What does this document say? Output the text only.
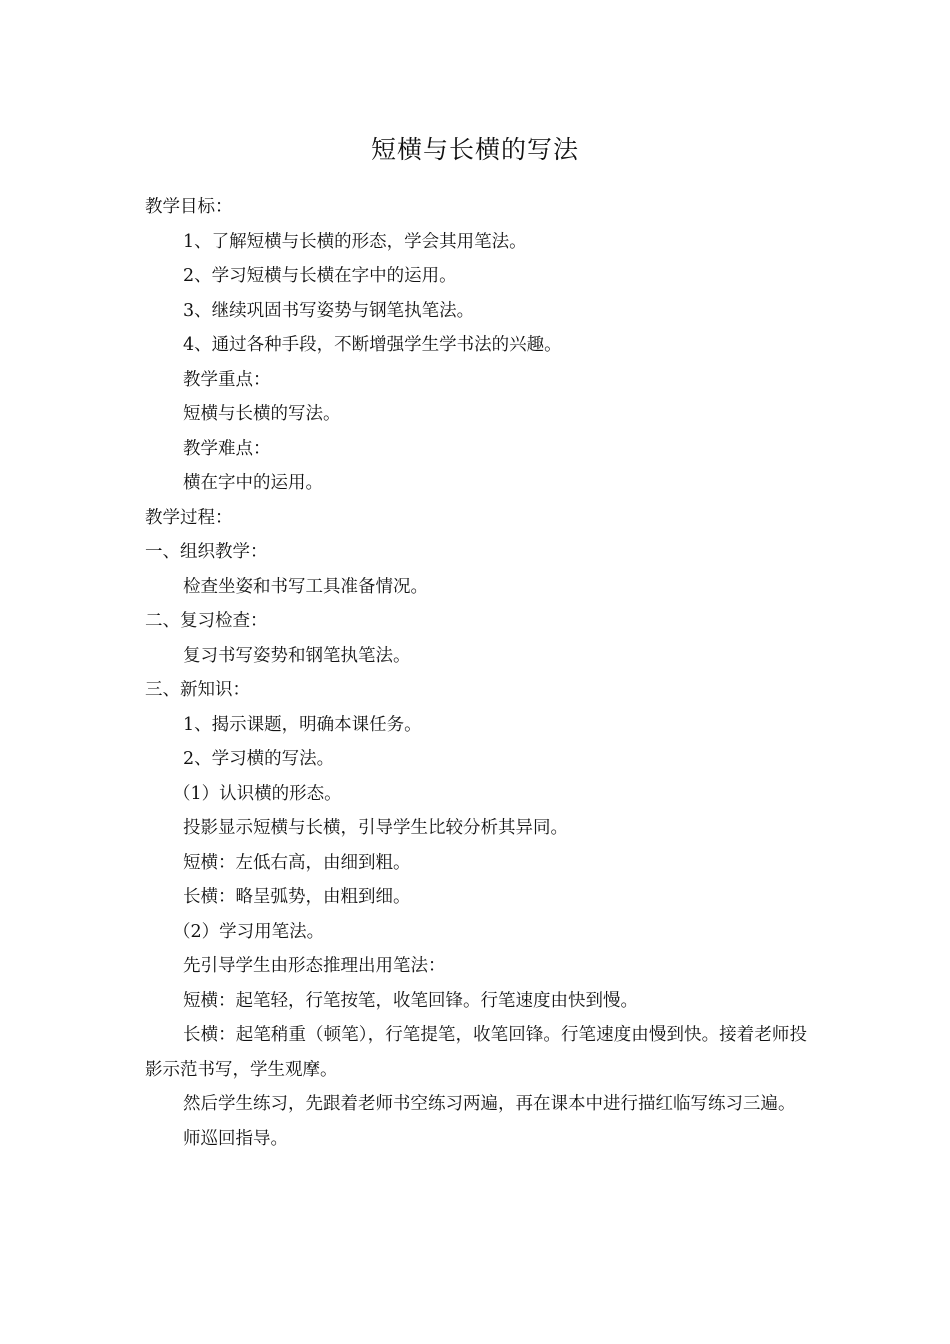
短横与长横的写法
教学目标：
1、了解短横与长横的形态，学会其用笔法。
2、学习短横与长横在字中的运用。
3、继续巩固书写姿势与钢笔执笔法。
4、通过各种手段，不断增强学生学书法的兴趣。
教学重点：
短横与长横的写法。
教学难点：
横在字中的运用。
教学过程：
一、组织教学：
检查坐姿和书写工具准备情况。
二、复习检查：
复习书写姿势和钢笔执笔法。
三、新知识：
1、揭示课题，明确本课任务。
2、学习横的写法。
（1）认识横的形态。
投影显示短横与长横，引导学生比较分析其异同。
短横：左低右高，由细到粗。
长横：略呈弧势，由粗到细。
（2）学习用笔法。
先引导学生由形态推理出用笔法：
短横：起笔轻，行笔按笔，收笔回锋。行笔速度由快到慢。
长横：起笔稍重（顿笔），行笔提笔，收笔回锋。行笔速度由慢到快。接着老师投影示范书写，学生观摩。
然后学生练习，先跟着老师书空练习两遍，再在课本中进行描红临写练习三遍。
师巡回指导。
